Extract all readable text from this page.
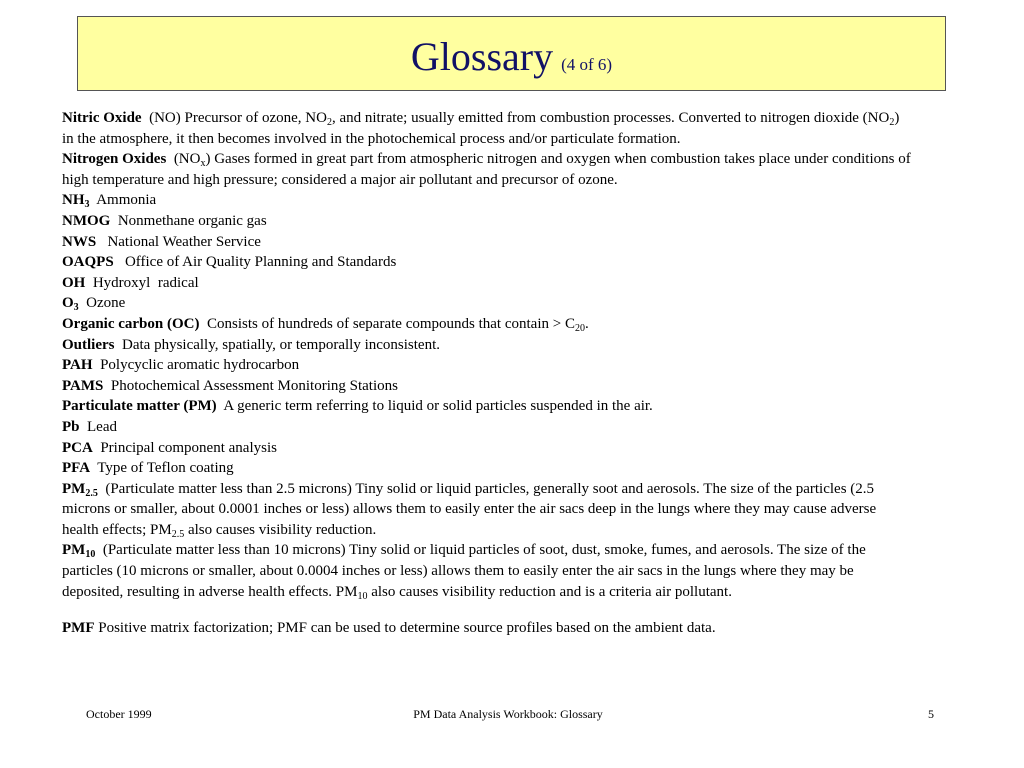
Glossary (4 of 6)

Nitric Oxide (NO) Precursor of ozone, $NO_2$, and nitrate; usually emitted from combustion processes. Converted to nitrogen dioxide $(NO_2)$ in the atmosphere, it then becomes involved in the photochemical process and/or particulate formation.

Nitrogen Oxides $(NO_x)$ Gases formed in great part from atmospheric nitrogen and oxygen when combustion takes place under conditions of high temperature and high pressure; considered a major air pollutant and precursor of ozone.

$NH_3$ Ammonia

NMOG Nonmethane organic gas

NWS National Weather Service

OAQPS Office of Air Quality Planning and Standards

OH Hydroxyl  radical

$O_3$ Ozone

Organic carbon (OC) Consists of hundreds of separate compounds that contain > $C_{20}$.

Outliers Data physically, spatially, or temporally inconsistent.

PAH Polycyclic aromatic hydrocarbon

PAMS Photochemical Assessment Monitoring Stations

Particulate matter (PM) A generic term referring to liquid or solid particles suspended in the air.

Pb Lead

PCA Principal component analysis

PFA Type of Teflon coating

$PM_{2.5}$ (Particulate matter less than 2.5 microns) Tiny solid or liquid particles, generally soot and aerosols. The size of the particles (2.5 microns or smaller, about 0.0001 inches or less) allows them to easily enter the air sacs deep in the lungs where they may cause adverse health effects; $PM_{2.5}$ also causes visibility reduction.

$PM_{10}$ (Particulate matter less than 10 microns) Tiny solid or liquid particles of soot, dust, smoke, fumes, and aerosols. The size of the particles (10 microns or smaller, about 0.0004 inches or less) allows them to easily enter the air sacs in the lungs where they may be deposited, resulting in adverse health effects. $PM_{10}$ also causes visibility reduction and is a criteria air pollutant.

PMF Positive matrix factorization; PMF can be used to determine source profiles based on the ambient data.

October 1999	PM Data Analysis Workbook: Glossary	5
